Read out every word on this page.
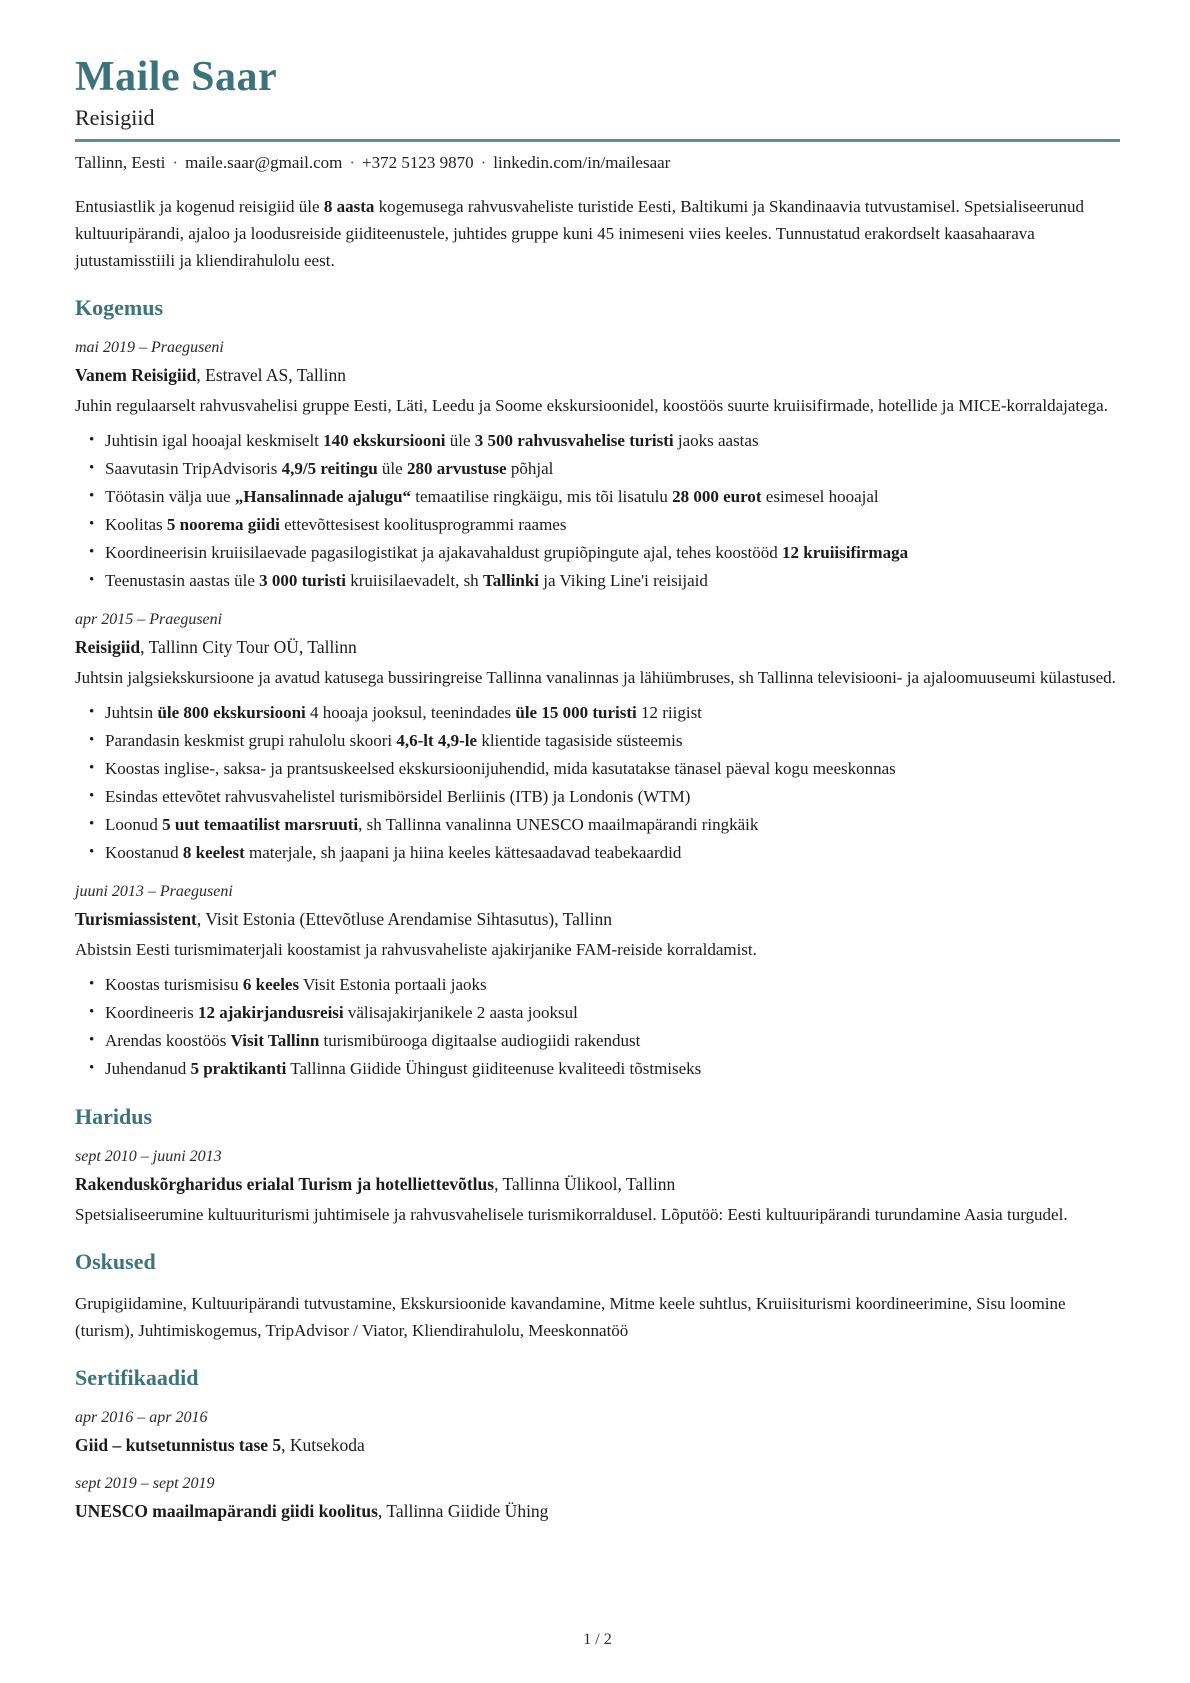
Maile Saar
Reisigiid
Tallinn, Eesti · maile.saar@gmail.com · +372 5123 9870 · linkedin.com/in/mailesaar

Entusiastlik ja kogenud reisigiid üle 8 aasta kogemusega rahvusvaheliste turistide Eesti, Baltikumi ja Skandinaavia tutvustamisel. Spetsialiseerunud kultuuripärandi, ajaloo ja loodusreiside giiditeenustele, juhtides gruppe kuni 45 inimeseni viies keeles. Tunnustatud erakordselt kaasahaarava jutustamisstiili ja kliendirahulolu eest.

Kogemus
mai 2019 – Praeguseni
Vanem Reisigiid, Estravel AS, Tallinn

Juhin regulaarselt rahvusvahelisi gruppe Eesti, Läti, Leedu ja Soome ekskursioonidel, koostöös suurte kruiisifirmade, hotellide ja MICE-korraldajatega.

• Juhtisin igal hooajal keskmiselt 140 ekskursiooni üle 3 500 rahvusvahelise turisti jaoks aastas
• Saavutasin TripAdvisoris 4,9/5 reitingu üle 280 arvustuse põhjal
• Töötasin välja uue „Hansalinnade ajalugu“ temaatilise ringkäigu, mis tõi lisatulu 28 000 eurot esimesel hooajal
• Koolitas 5 noorema giidi ettevõttesisest koolitusprogrammi raames
• Koordineerisin kruiisilaevade pagasilogistikat ja ajakavahaldust grupiõpingute ajal, tehes koostööd 12 kruiisifirmaga
• Teenustasin aastas üle 3 000 turisti kruiisilaevadelt, sh Tallinki ja Viking Line'i reisijaid
apr 2015 – Praeguseni
Reisigiid, Tallinn City Tour OÜ, Tallinn

Juhtsin jalgsiekskursioone ja avatud katusega bussiringreise Tallinna vanalinnas ja lähiümbruses, sh Tallinna televisiooni- ja ajaloomuuseumi külastused.

• Juhtsin üle 800 ekskursiooni 4 hooaja jooksul, teenindades üle 15 000 turisti 12 riigist
• Parandasin keskmist grupi rahulolu skoori 4,6-lt 4,9-le klientide tagasiside süsteemis
• Koostas inglise-, saksa- ja prantsuskeelsed ekskursioonijuhendid, mida kasutatakse tänasel päeval kogu meeskonnas
• Esindas ettevõtet rahvusvahelistel turismibörsidel Berliinis (ITB) ja Londonis (WTM)
• Loonud 5 uut temaatilist marsruuti, sh Tallinna vanalinna UNESCO maailmapärandi ringkäik
• Koostanud 8 keelest materjale, sh jaapani ja hiina keeles kättesaadavad teabekaardid
juuni 2013 – Praeguseni
Turismiassistent, Visit Estonia (Ettevõtluse Arendamise Sihtasutus), Tallinn

Abistsin Eesti turismimaterjali koostamist ja rahvusvaheliste ajakirjanike FAM-reiside korraldamist.

• Koostas turismisisu 6 keeles Visit Estonia portaali jaoks
• Koordineeris 12 ajakirjandusreisi välisajakirjanikele 2 aasta jooksul
• Arendas koostöös Visit Tallinn turismibürooga digitaalse audiogiidi rakendust
• Juhendanud 5 praktikanti Tallinna Giidide Ühingust giiditeenuse kvaliteedi tõstmiseks
Haridus
sept 2010 – juuni 2013
Rakenduskõrgharidus erialal Turism ja hotelliettevõtlus, Tallinna Ülikool, Tallinn

Spetsialiseerumine kultuuriturismi juhtimisele ja rahvusvahelisele turismikorraldusel. Lõputöö: Eesti kultuuripärandi turundamine Aasia turgudel.

Oskused

Grupigiidamine, Kultuuripärandi tutvustamine, Ekskursioonide kavandamine, Mitme keele suhtlus, Kruiisiturismi koordineerimine, Sisu loomine (turism), Juhtimiskogemus, TripAdvisor / Viator, Kliendirahulolu, Meeskonnatöö

Sertifikaadid
apr 2016 – apr 2016
Giid – kutsetunnistus tase 5, Kutsekoda
sept 2019 – sept 2019
UNESCO maailmapärandi giidi koolitus, Tallinna Giidide Ühing
1 / 2
